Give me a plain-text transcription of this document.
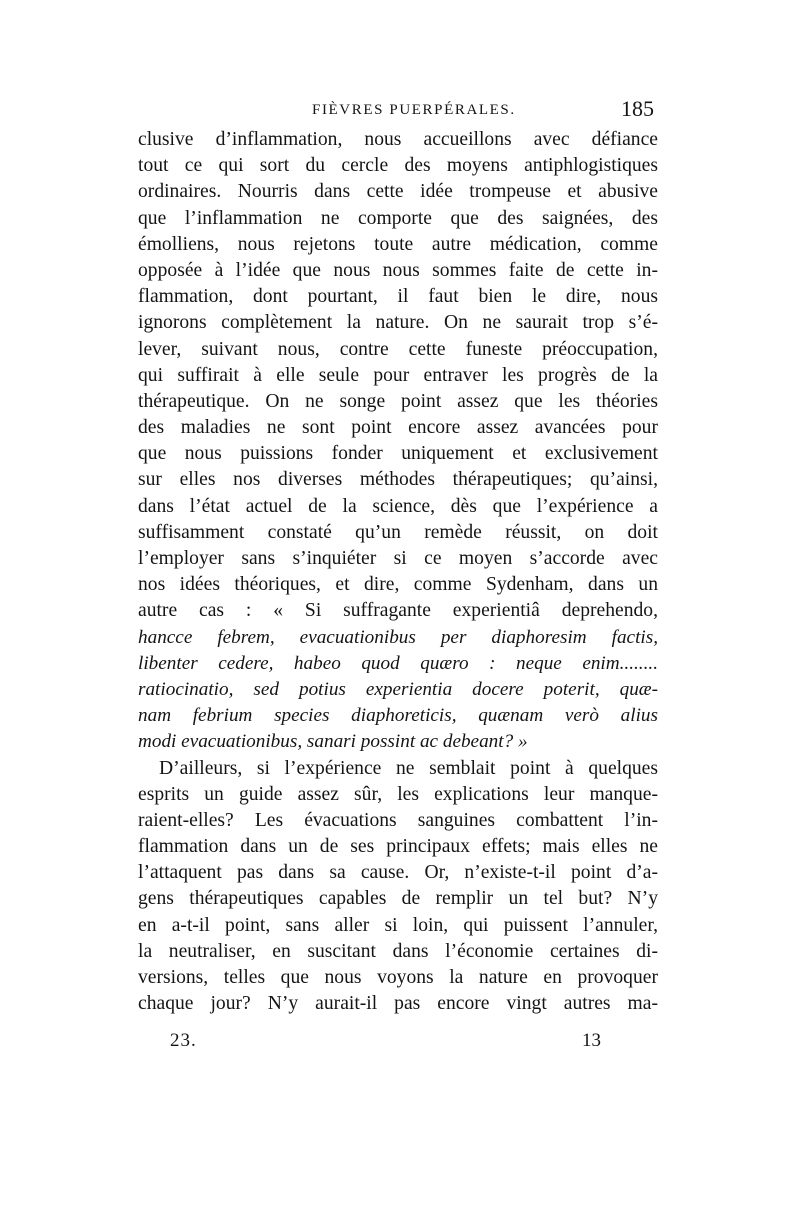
FIÈVRES PUERPÉRALES.	185
clusive d’inflammation, nous accueillons avec défiance
tout ce qui sort du cercle des moyens antiphlogistiques
ordinaires. Nourris dans cette idée trompeuse et abusive
que l’inflammation ne comporte que des saignées, des
émolliens, nous rejetons toute autre médication, comme
opposée à l’idée que nous nous sommes faite de cette in-
flammation, dont pourtant, il faut bien le dire, nous
ignorons complètement la nature. On ne saurait trop s’é-
lever, suivant nous, contre cette funeste préoccupation,
qui suffirait à elle seule pour entraver les progrès de la
thérapeutique. On ne songe point assez que les théories
des maladies ne sont point encore assez avancées pour
que nous puissions fonder uniquement et exclusivement
sur elles nos diverses méthodes thérapeutiques; qu’ainsi,
dans l’état actuel de la science, dès que l’expérience a
suffisamment constaté qu’un remède réussit, on doit
l’employer sans s’inquiéter si ce moyen s’accorde avec
nos idées théoriques, et dire, comme Sydenham, dans un
autre cas : « Si suffragante experientiâ deprehendo,
hancce febrem, evacuationibus per diaphoresim factis,
libenter cedere, habeo quod quæro : neque enim........
ratiocinatio, sed potius experientia docere poterit, quæ-
nam febrium species diaphoreticis, quænam verò alius
modi evacuationibus, sanari possint ac debeant? »
D’ailleurs, si l’expérience ne semblait point à quelques
esprits un guide assez sûr, les explications leur manque-
raient-elles? Les évacuations sanguines combattent l’in-
flammation dans un de ses principaux effets; mais elles ne
l’attaquent pas dans sa cause. Or, n’existe-t-il point d’a-
gens thérapeutiques capables de remplir un tel but? N’y
en a-t-il point, sans aller si loin, qui puissent l’annuler,
la neutraliser, en suscitant dans l’économie certaines di-
versions, telles que nous voyons la nature en provoquer
chaque jour? N’y aurait-il pas encore vingt autres ma-
23.	13
